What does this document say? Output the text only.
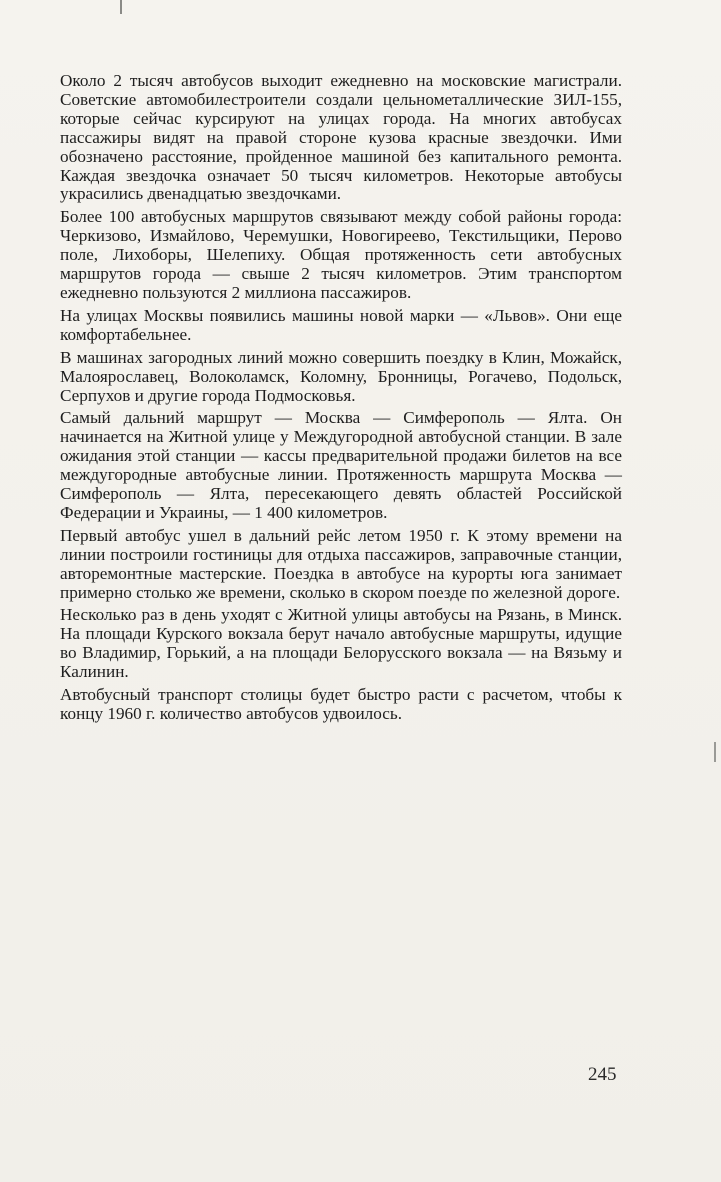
Около 2 тысяч автобусов выходит ежедневно на московские магистрали. Советские автомобилестроители создали цельнометаллические ЗИЛ-155, которые сейчас курсируют на улицах города. На многих автобусах пассажиры видят на правой стороне кузова красные звездочки. Ими обозначено расстояние, пройденное машиной без капитального ремонта. Каждая звездочка означает 50 тысяч километров. Некоторые автобусы украсились двенадцатью звездочками.

Более 100 автобусных маршрутов связывают между собой районы города: Черкизово, Измайлово, Черемушки, Новогиреево, Текстильщики, Перово поле, Лихоборы, Шелепиху. Общая протяженность сети автобусных маршрутов города — свыше 2 тысяч километров. Этим транспортом ежедневно пользуются 2 миллиона пассажиров.

На улицах Москвы появились машины новой марки — «Львов». Они еще комфортабельнее.

В машинах загородных линий можно совершить поездку в Клин, Можайск, Малоярославец, Волоколамск, Коломну, Бронницы, Рогачево, Подольск, Серпухов и другие города Подмосковья.

Самый дальний маршрут — Москва — Симферополь — Ялта. Он начинается на Житной улице у Междугородной автобусной станции. В зале ожидания этой станции — кассы предварительной продажи билетов на все междугородные автобусные линии. Протяженность маршрута Москва — Симферополь — Ялта, пересекающего девять областей Российской Федерации и Украины, — 1 400 километров.

Первый автобус ушел в дальний рейс летом 1950 г. К этому времени на линии построили гостиницы для отдыха пассажиров, заправочные станции, авторемонтные мастерские. Поездка в автобусе на курорты юга занимает примерно столько же времени, сколько в скором поезде по железной дороге.

Несколько раз в день уходят с Житной улицы автобусы на Рязань, в Минск. На площади Курского вокзала берут начало автобусные маршруты, идущие во Владимир, Горький, а на площади Белорусского вокзала — на Вязьму и Калинин.

Автобусный транспорт столицы будет быстро расти с расчетом, чтобы к концу 1960 г. количество автобусов удвоилось.

245
